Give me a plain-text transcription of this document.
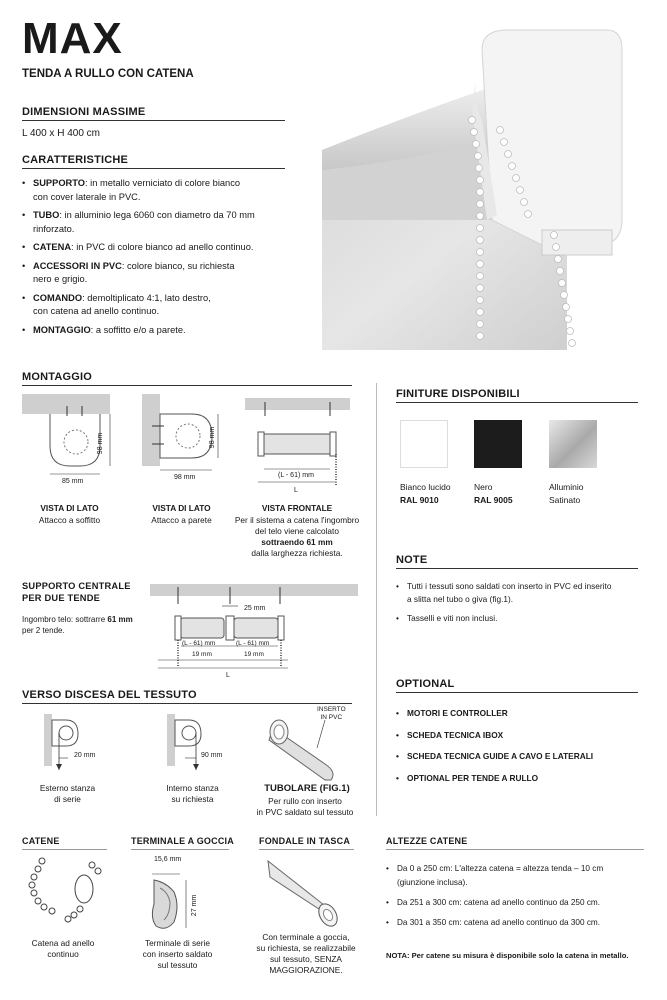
MAX
TENDA A RULLO CON CATENA
DIMENSIONI MASSIME
L 400 x H 400 cm
CARATTERISTICHE
• SUPPORTO: in metallo verniciato di colore bianco
con cover laterale in PVC.
• TUBO: in alluminio lega 6060 con diametro da 70 mm
rinforzato.
• CATENA: in PVC di colore bianco ad anello continuo.
• ACCESSORI IN PVC: colore bianco, su richiesta
nero e grigio.
• COMANDO: demoltiplicato 4:1, lato destro,
con catena ad anello continuo.
• MONTAGGIO: a soffitto e/o a parete.
MONTAGGIO
98 mm
85 mm
VISTA DI LATO
Attacco a soffitto
98 mm
98 mm
VISTA DI LATO
Attacco a parete
(L - 61) mm
L
VISTA FRONTALE
Per il sistema a catena l'ingombro
del telo viene calcolato
sottraendo 61 mm
dalla larghezza richiesta.
SUPPORTO CENTRALE
PER DUE TENDE
Ingombro telo: sottrarre 61 mm
per 2 tende.
25 mm
(L - 61) mm	(L - 61) mm
19 mm	19 mm
L
VERSO DISCESA DEL TESSUTO
20 mm
Esterno stanza
di serie
90 mm
Interno stanza
su richiesta
INSERTO
IN PVC
TUBOLARE (FIG.1)
Per rullo con inserto
in PVC saldato sul tessuto
FINITURE DISPONIBILI
Bianco lucido
RAL 9010
Nero
RAL 9005
Alluminio
Satinato
NOTE
• Tutti i tessuti sono saldati con inserto in PVC ed inserito
a slitta nel tubo o giva (fig.1).
• Tasselli e viti non inclusi.
OPTIONAL
• MOTORI E CONTROLLER
• SCHEDA TECNICA IBOX
• SCHEDA TECNICA GUIDE A CAVO E LATERALI
• OPTIONAL PER TENDE A RULLO
CATENE
Catena ad anello
continuo
TERMINALE A GOCCIA
15,6 mm
27 mm
Terminale di serie
con inserto saldato
sul tessuto
FONDALE IN TASCA
Con terminale a goccia,
su richiesta, se realizzabile
sul tessuto, SENZA
MAGGIORAZIONE.
ALTEZZE CATENE
• Da 0 a 250 cm: L'altezza catena = altezza tenda – 10 cm
(giunzione inclusa).
• Da 251 a 300 cm: catena ad anello continuo da 250 cm.
• Da 301 a 350 cm: catena ad anello continuo da 300 cm.
NOTA: Per catene su misura è disponibile solo la catena in metallo.
